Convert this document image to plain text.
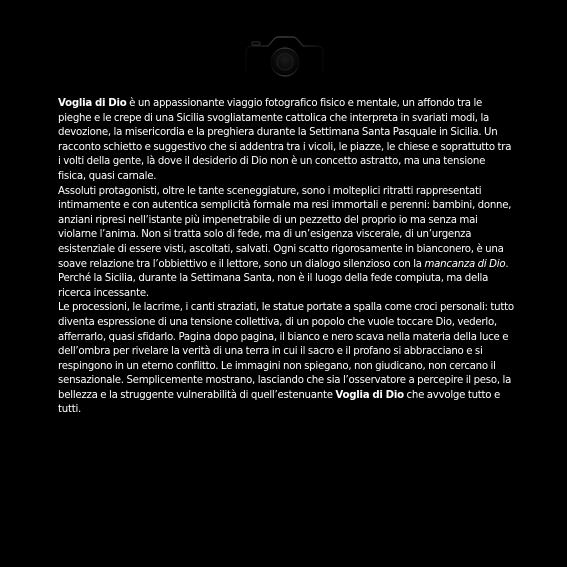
Voglia di Dio è un appassionante viaggio fotografico fisico e mentale, un affondo tra le pieghe e le crepe di una Sicilia svogliatamente cattolica che interpreta in svariati modi, la devozione, la misericordia e la preghiera durante la Settimana Santa Pasquale in Sicilia. Un racconto schietto e suggestivo che si addentra tra i vicoli, le piazze, le chiese e soprattutto tra i volti della gente, là dove il desiderio di Dio non è un concetto astratto, ma una tensione fisica, quasi carnale.

Assoluti protagonisti, oltre le tante sceneggiature, sono i molteplici ritratti rappresentati intimamente e con autentica semplicità formale ma resi immortali e perenni: bambini, donne, anziani ripresi nell’istante più impenetrabile di un pezzetto del proprio io ma senza mai violarne l’anima. Non si tratta solo di fede, ma di un’esigenza viscerale, di un’urgenza esistenziale di essere visti, ascoltati, salvati. Ogni scatto rigorosamente in bianconero, è una soave relazione tra l’obbiettivo e il lettore, sono un dialogo silenzioso con la mancanza di Dio. Perché la Sicilia, durante la Settimana Santa, non è il luogo della fede compiuta, ma della ricerca incessante.

Le processioni, le lacrime, i canti straziati, le statue portate a spalla come croci personali: tutto diventa espressione di una tensione collettiva, di un popolo che vuole toccare Dio, vederlo, afferrarlo, quasi sfidarlo. Pagina dopo pagina, il bianco e nero scava nella materia della luce e dell’ombra per rivelare la verità di una terra in cui il sacro e il profano si abbracciano e si respingono in un eterno conflitto. Le immagini non spiegano, non giudicano, non cercano il sensazionale. Semplicemente mostrano, lasciando che sia l’osservatore a percepire il peso, la bellezza e la struggente vulnerabilità di quell’estenuante Voglia di Dio che avvolge tutto e tutti.
